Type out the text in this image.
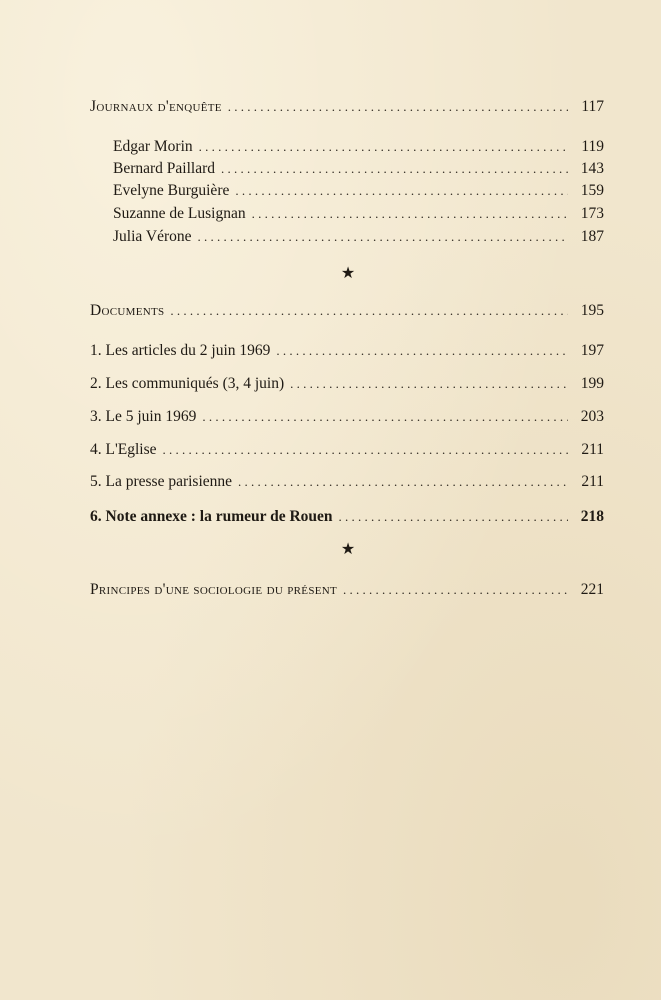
Journaux d'enquête . . .	117
Edgar Morin . . .	119
Bernard Paillard . . .	143
Evelyne Burguière . . .	159
Suzanne de Lusignan . . .	173
Julia Vérone . . .	187
★
Documents . . .	195
1. Les articles du 2 juin 1969 . . .	197
2. Les communiqués (3, 4 juin) . . .	199
3. Le 5 juin 1969 . . .	203
4. L'Eglise . . .	211
5. La presse parisienne . . .	211
6. Note annexe : la rumeur de Rouen . . .	218
★
Principes d'une sociologie du présent . . .	221
